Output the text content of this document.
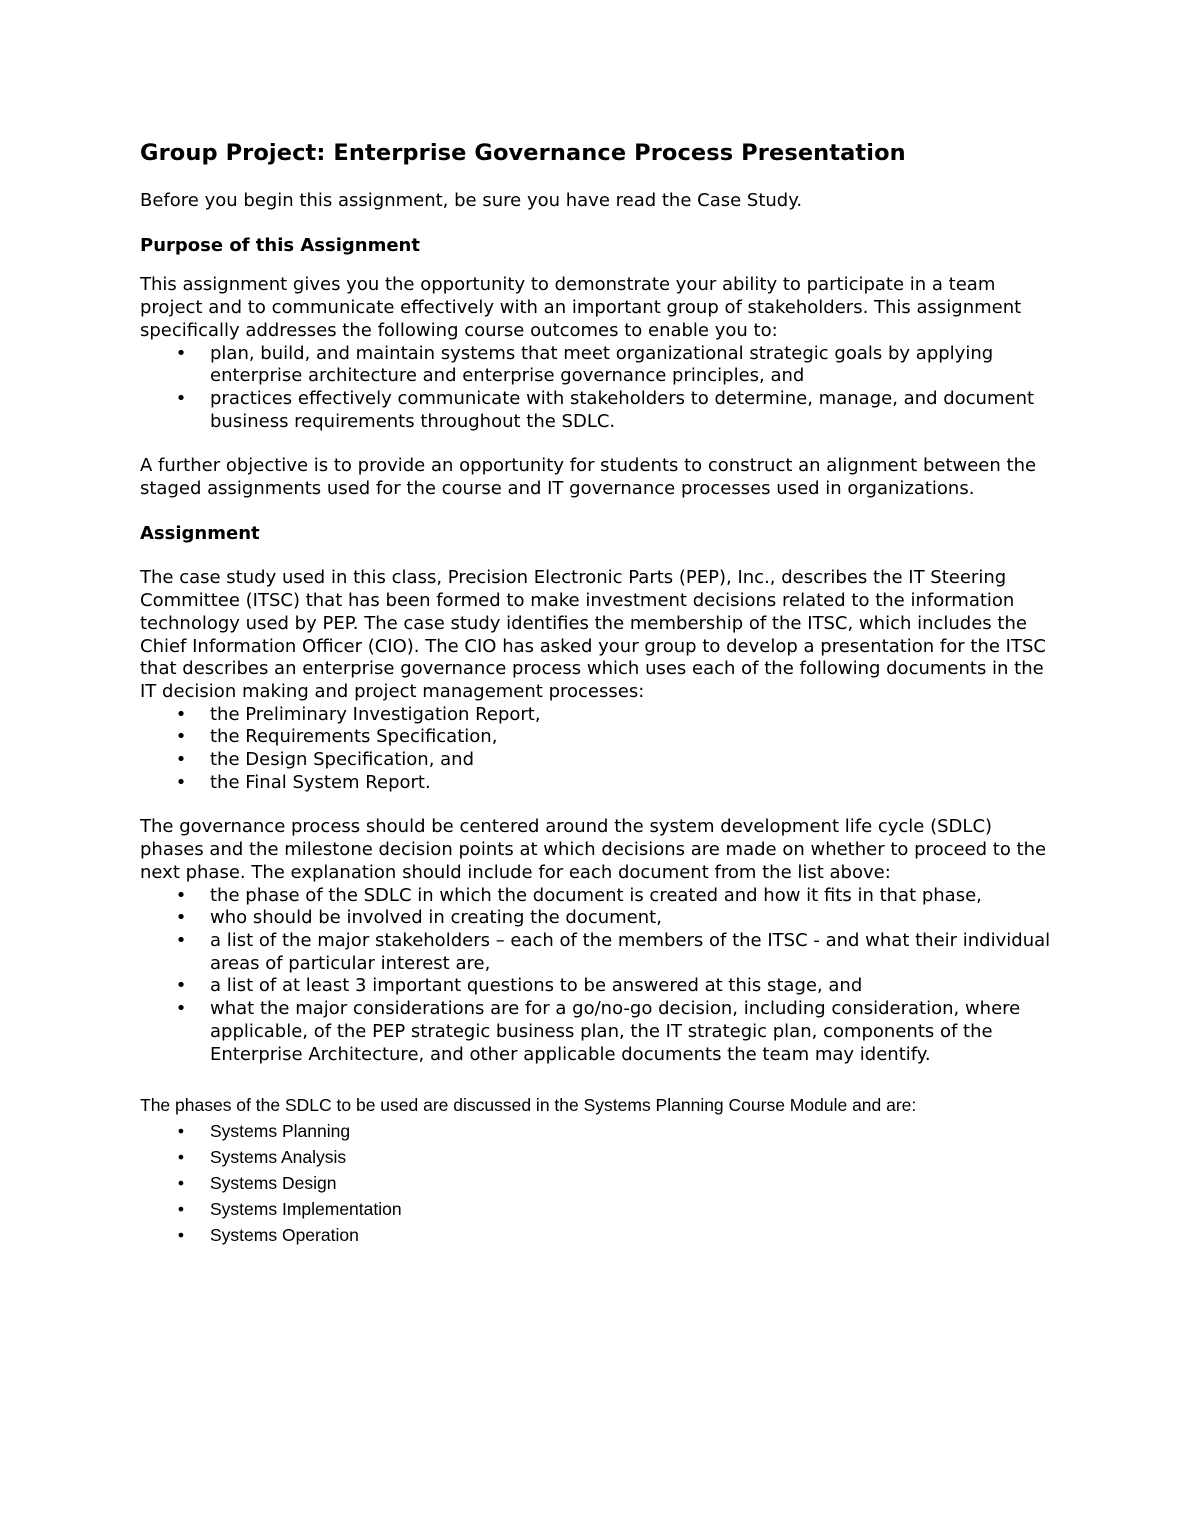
Group Project: Enterprise Governance Process Presentation

Before you begin this assignment, be sure you have read the Case Study.

Purpose of this Assignment

This assignment gives you the opportunity to demonstrate your ability to participate in a team project and to communicate effectively with an important group of stakeholders. This assignment specifically addresses the following course outcomes to enable you to:

• plan, build, and maintain systems that meet organizational strategic goals by applying enterprise architecture and enterprise governance principles, and
• practices effectively communicate with stakeholders to determine, manage, and document business requirements throughout the SDLC.

A further objective is to provide an opportunity for students to construct an alignment between the staged assignments used for the course and IT governance processes used in organizations.

Assignment

The case study used in this class, Precision Electronic Parts (PEP), Inc., describes the IT Steering Committee (ITSC) that has been formed to make investment decisions related to the information technology used by PEP. The case study identifies the membership of the ITSC, which includes the Chief Information Officer (CIO). The CIO has asked your group to develop a presentation for the ITSC that describes an enterprise governance process which uses each of the following documents in the IT decision making and project management processes:

• the Preliminary Investigation Report,
• the Requirements Specification,
• the Design Specification, and
• the Final System Report.

The governance process should be centered around the system development life cycle (SDLC) phases and the milestone decision points at which decisions are made on whether to proceed to the next phase. The explanation should include for each document from the list above:

• the phase of the SDLC in which the document is created and how it fits in that phase,
• who should be involved in creating the document,
• a list of the major stakeholders – each of the members of the ITSC - and what their individual areas of particular interest are,
• a list of at least 3 important questions to be answered at this stage, and
• what the major considerations are for a go/no-go decision, including consideration, where applicable, of the PEP strategic business plan, the IT strategic plan, components of the Enterprise Architecture, and other applicable documents the team may identify.

The phases of the SDLC to be used are discussed in the Systems Planning Course Module and are:

• Systems Planning
• Systems Analysis
• Systems Design
• Systems Implementation
• Systems Operation
